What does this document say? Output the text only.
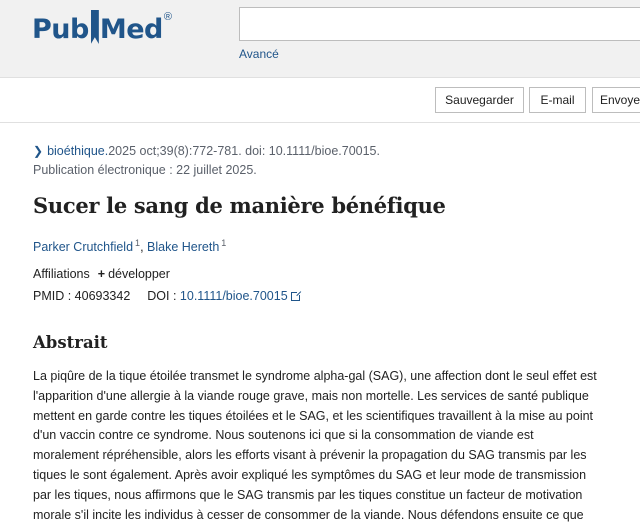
Pub Med ®
Avancé
Sauvegarder	E-mail	Envoye
❯ bioéthique.2025 oct;39(8):772-781. doi: 10.1111/bioe.70015.
Publication électronique : 22 juillet 2025.
Sucer le sang de manière bénéfique
Parker Crutchfield $^1$, Blake Hereth $^1$
Affiliations + développer
PMID : 40693342 DOI : 10.1111/bioe.70015
Abstrait
La piqûre de la tique étoilée transmet le syndrome alpha-gal (SAG), une affection dont le seul effet est
l'apparition d'une allergie à la viande rouge grave, mais non mortelle. Les services de santé publique
mettent en garde contre les tiques étoilées et le SAG, et les scientifiques travaillent à la mise au point
d'un vaccin contre ce syndrome. Nous soutenons ici que si la consommation de viande est
moralement répréhensible, alors les efforts visant à prévenir la propagation du SAG transmis par les
tiques le sont également. Après avoir expliqué les symptômes du SAG et leur mode de transmission
par les tiques, nous affirmons que le SAG transmis par les tiques constitue un facteur de motivation
morale s'il incite les individus à cesser de consommer de la viande. Nous défendons ensuite ce que
